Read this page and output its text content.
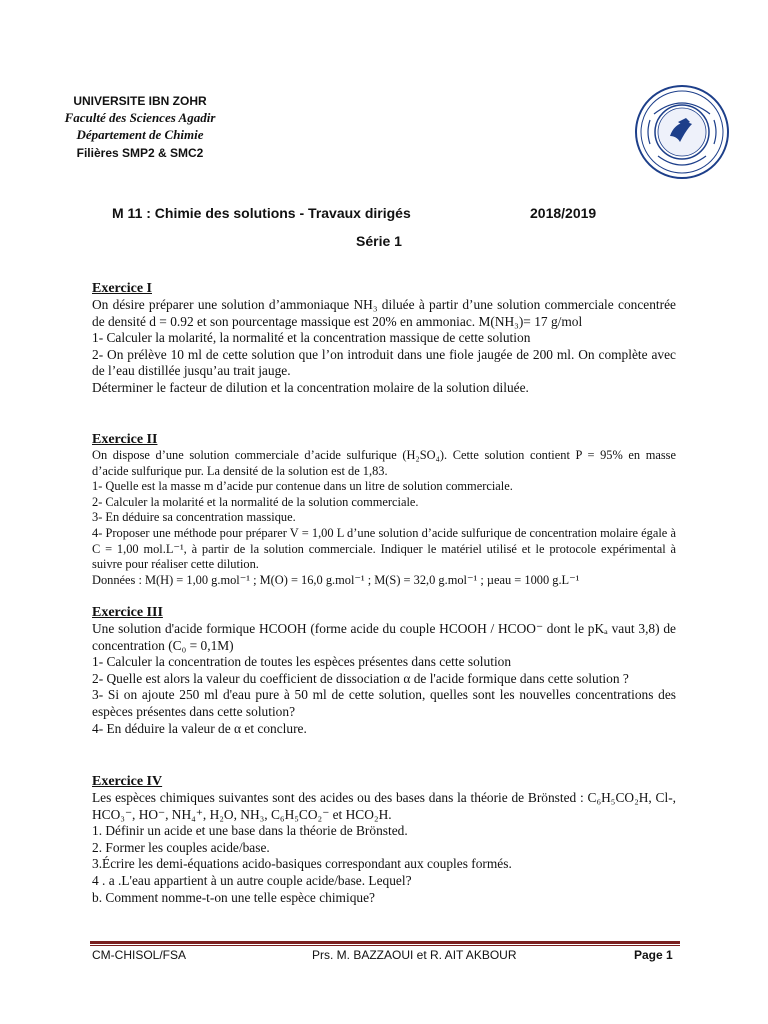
UNIVERSITE IBN ZOHR
Faculté des Sciences Agadir
Département de Chimie
Filières SMP2 & SMC2
M 11 : Chimie des solutions - Travaux dirigés	2018/2019
Série 1
Exercice I

On désire préparer une solution d’ammoniaque NH₃ diluée à partir d’une solution commerciale concentrée de densité d = 0.92 et son pourcentage massique est 20% en ammoniac. M(NH₃)= 17 g/mol

1- Calculer la molarité, la normalité et la concentration massique de cette solution

2- On prélève 10 ml de cette solution que l’on introduit dans une fiole jaugée de 200 ml. On complète avec de l’eau distillée jusqu’au trait jauge.

Déterminer le facteur de dilution et la concentration molaire de la solution diluée.

Exercice II

On dispose d’une solution commerciale d’acide sulfurique (H₂SO₄). Cette solution contient P = 95% en masse d’acide sulfurique pur. La densité de la solution est de 1,83.

1- Quelle est la masse m d’acide pur contenue dans un litre de solution commerciale.

2- Calculer la molarité et la normalité de la solution commerciale.

3- En déduire sa concentration massique.

4- Proposer une méthode pour préparer V = 1,00 L d’une solution d’acide sulfurique de concentration molaire égale à C = 1,00 mol.L⁻¹, à partir de la solution commerciale. Indiquer le matériel utilisé et le protocole expérimental à suivre pour réaliser cette dilution.

Données : M(H) = 1,00 g.mol⁻¹ ; M(O) = 16,0 g.mol⁻¹ ; M(S) = 32,0 g.mol⁻¹ ; µeau = 1000 g.L⁻¹

Exercice III

Une solution d'acide formique HCOOH (forme acide du couple HCOOH / HCOO⁻ dont le pKₐ vaut 3,8) de concentration (C₀ = 0,1M)

1- Calculer la concentration de toutes les espèces présentes dans cette solution

2- Quelle est alors la valeur du coefficient de dissociation α de l'acide formique dans cette solution ?

3- Si on ajoute 250 ml d'eau pure à 50 ml de cette solution, quelles sont les nouvelles concentrations des espèces présentes dans cette solution?

4- En déduire la valeur de α et conclure.

Exercice IV

Les espèces chimiques suivantes sont des acides ou des bases dans la théorie de Brönsted : C₆H₅CO₂H, Cl-, HCO₃⁻, HO⁻, NH₄⁺, H₂O, NH₃, C₆H₅CO₂⁻ et HCO₂H.

1. Définir un acide et une base dans la théorie de Brönsted.

2. Former les couples acide/base.

3.Écrire les demi-équations acido-basiques correspondant aux couples formés.

4 . a .L'eau appartient à un autre couple acide/base. Lequel?

b. Comment nomme-t-on une telle espèce chimique?

CM-CHISOL/FSA	Prs. M. BAZZAOUI et R. AIT AKBOUR	Page 1
